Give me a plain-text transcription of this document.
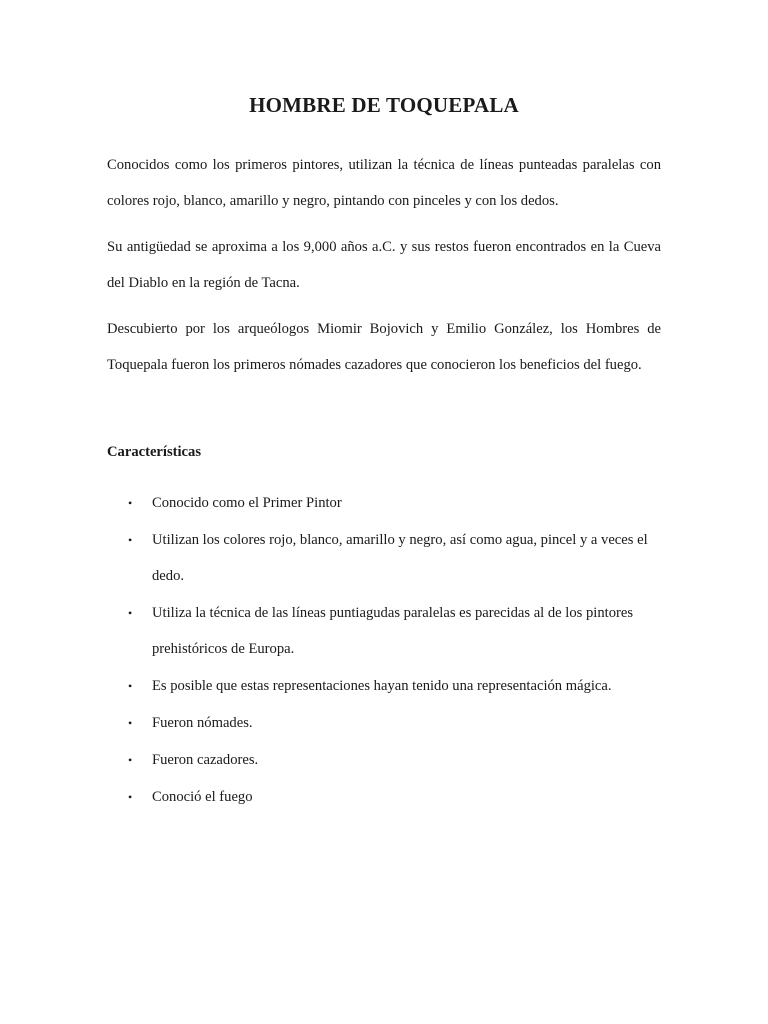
HOMBRE DE TOQUEPALA

Conocidos como los primeros pintores, utilizan la técnica de líneas punteadas paralelas con colores rojo, blanco, amarillo y negro, pintando con pinceles y con los dedos.

Su antigüedad se aproxima a los 9,000 años a.C. y sus restos fueron encontrados en la Cueva del Diablo en la región de Tacna.

Descubierto por los arqueólogos Miomir Bojovich y Emilio González, los Hombres de Toquepala fueron los primeros nómades cazadores que conocieron los beneficios del fuego.

Características
• Conocido como el Primer Pintor
• Utilizan los colores rojo, blanco, amarillo y negro, así como agua, pincel y a veces el dedo.
• Utiliza la técnica de las líneas puntiagudas paralelas es parecidas al de los pintores prehistóricos de Europa.
• Es posible que estas representaciones hayan tenido una representación mágica.
• Fueron nómades.
• Fueron cazadores.
• Conoció el fuego
